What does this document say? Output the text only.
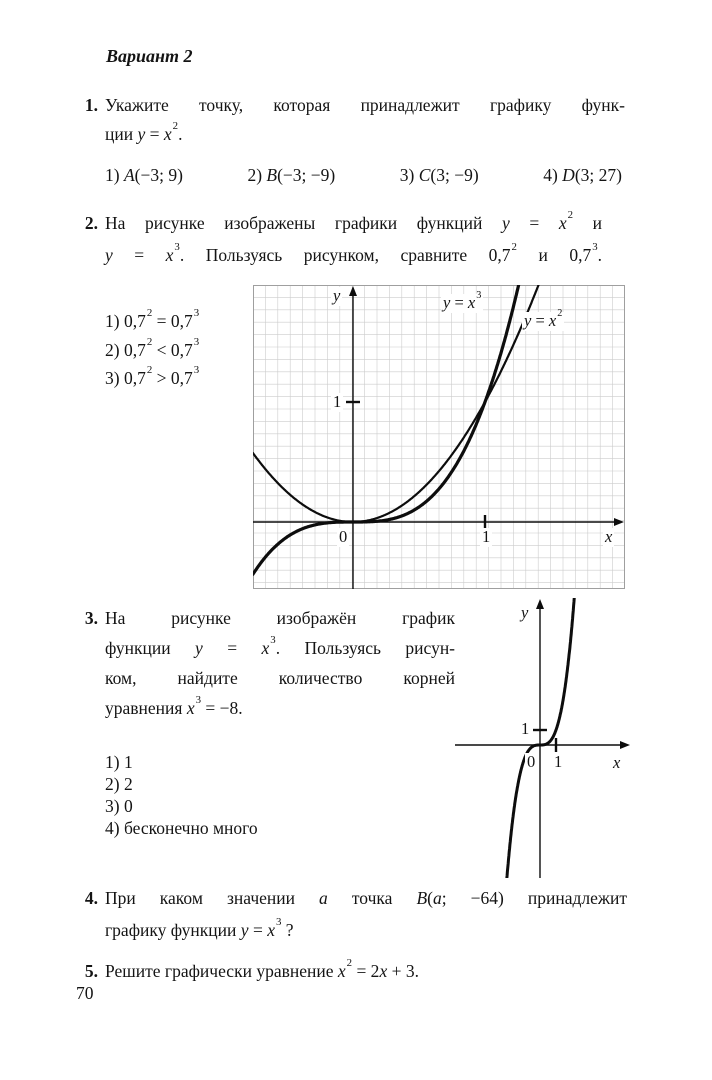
Вариант 2
1. Укажите точку, которая принадлежит графику функ-
ции $y = x^2$.
1) A(−3; 9)	2) B(−3; −9)	3) C(3; −9)	4) D(3; 27)
2. На рисунке изображены графики функций $y = x^2$ и
$y = x^3$. Пользуясь рисунком, сравните $0,7^2$ и $0,7^3$.
1) $0,7^2 = 0,7^3$
2) $0,7^2 < 0,7^3$
3) $0,7^2 > 0,7^3$
$y = x^3$
$y = x^2$
y
x
1
1
0
3. На рисунке изображён график
функции $y = x^3$. Пользуясь рисун-
ком, найдите количество корней
уравнения $x^3 = -8$.
1) 1
2) 2
3) 0
4) бесконечно много
y
x
1
0 1
4. При каком значении a точка B(a; −64) принадлежит
графику функции $y = x^3$ ?
5. Решите графически уравнение $x^2 = 2x + 3$.
70
